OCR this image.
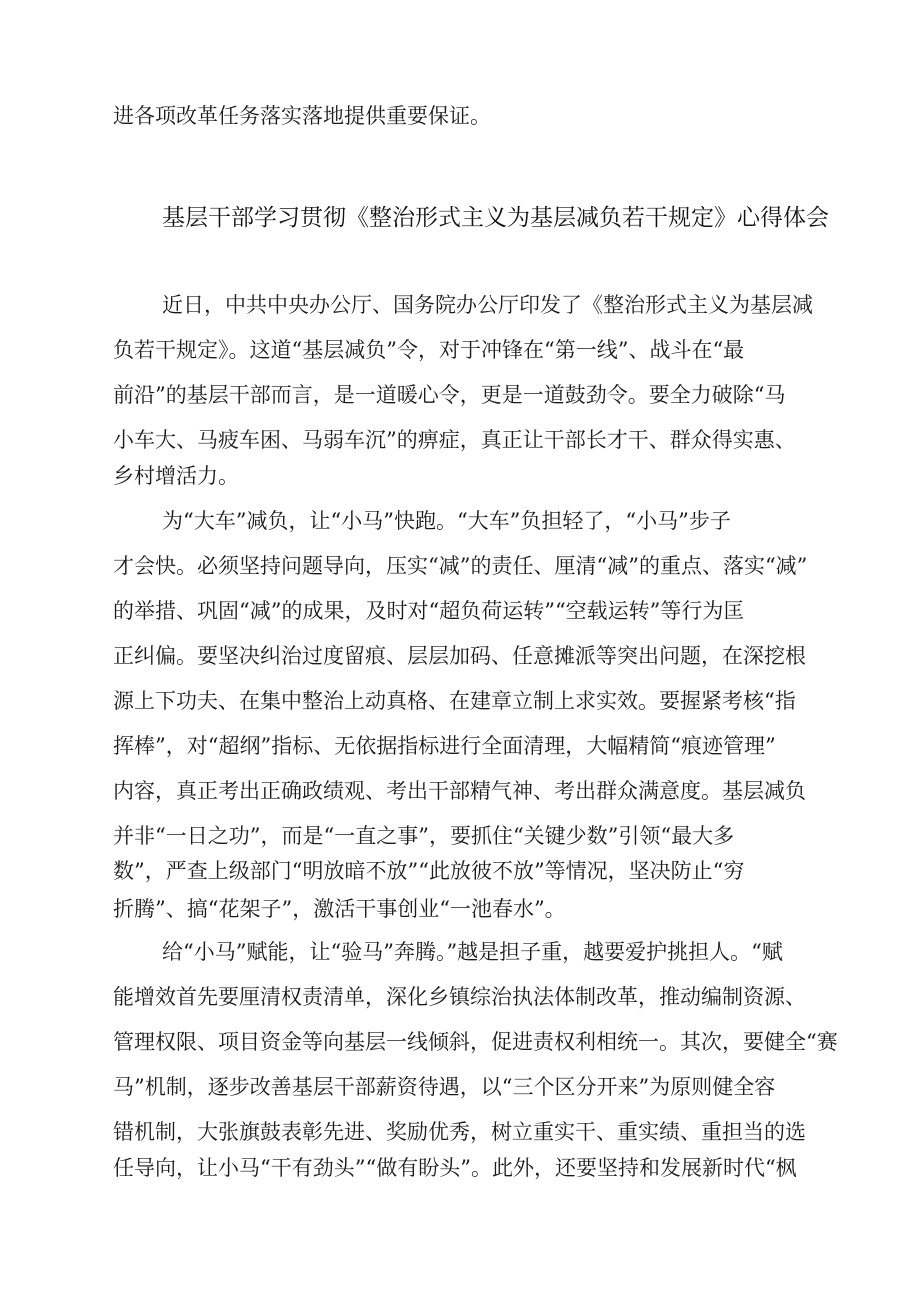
进各项改革任务落实落地提供重要保证。
基层干部学习贯彻《整治形式主义为基层减负若干规定》心得体会
近日，中共中央办公厅、国务院办公厅印发了《整治形式主义为基层减
负若干规定》。这道“基层减负”令，对于冲锋在“第一线”、战斗在“最
前沿”的基层干部而言，是一道暖心令，更是一道鼓劲令。要全力破除“马
小车大、马疲车困、马弱车沉”的痹症，真正让干部长才干、群众得实惠、
乡村增活力。
为“大车”减负，让“小马”快跑。“大车”负担轻了，“小马”步子
才会快。必须坚持问题导向，压实“减”的责任、厘清“减”的重点、落实“减”
的举措、巩固“减”的成果，及时对“超负荷运转”“空载运转”等行为匡
正纠偏。要坚决纠治过度留痕、层层加码、任意摊派等突出问题，在深挖根
源上下功夫、在集中整治上动真格、在建章立制上求实效。要握紧考核“指
挥棒”，对“超纲”指标、无依据指标进行全面清理，大幅精简“痕迹管理”
内容，真正考出正确政绩观、考出干部精气神、考出群众满意度。基层减负
并非“一日之功”，而是“一直之事”，要抓住“关键少数”引领“最大多
数”，严查上级部门“明放暗不放”“此放彼不放”等情况，坚决防止“穷
折腾”、搞“花架子”，激活干事创业“一池春水”。
给“小马”赋能，让“验马”奔腾。”越是担子重，越要爱护挑担人。“赋
能增效首先要厘清权责清单，深化乡镇综治执法体制改革，推动编制资源、
管理权限、项目资金等向基层一线倾斜，促进责权利相统一。其次，要健全“赛
马”机制，逐步改善基层干部薪资待遇，以“三个区分开来”为原则健全容
错机制，大张旗鼓表彰先进、奖励优秀，树立重实干、重实绩、重担当的选
任导向，让小马“干有劲头”“做有盼头”。此外，还要坚持和发展新时代“枫
